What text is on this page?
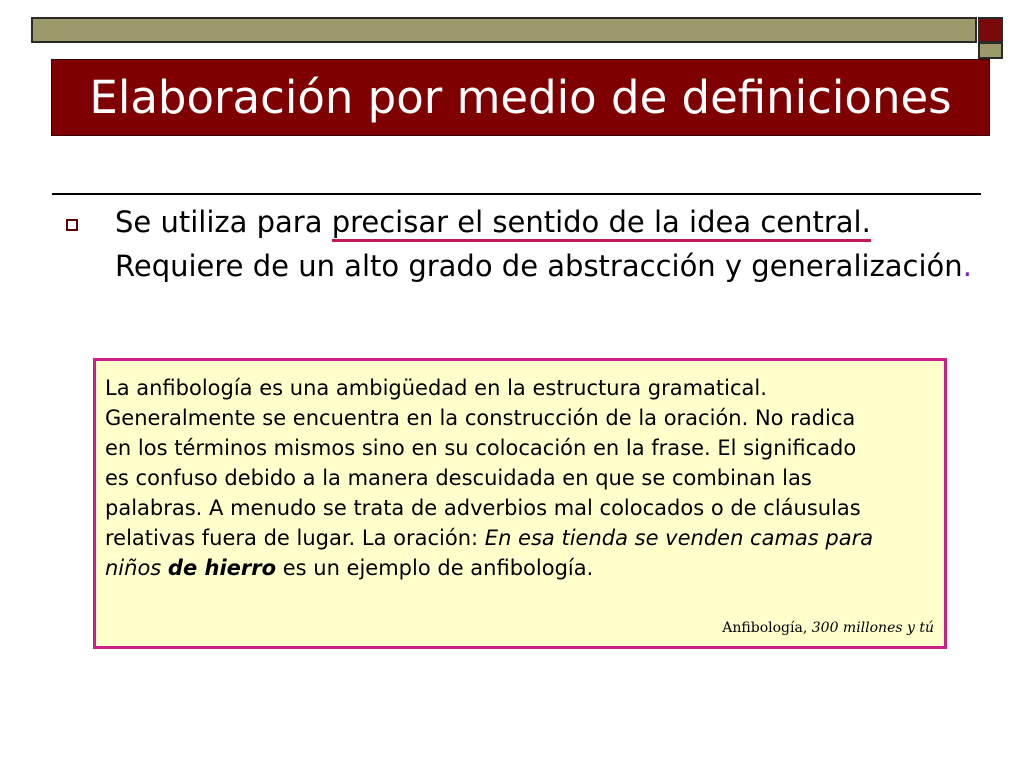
Elaboración por medio de definiciones
Se utiliza para precisar el sentido de la idea central. Requiere de un alto grado de abstracción y generalización.

La anfibología es una ambigüedad en la estructura gramatical.
Generalmente se encuentra en la construcción de la oración. No radica
en los términos mismos sino en su colocación en la frase. El significado
es confuso debido a la manera descuidada en que se combinan las
palabras. A menudo se trata de adverbios mal colocados o de cláusulas
relativas fuera de lugar. La oración: En esa tienda se venden camas para niños de hierro es un ejemplo de anfibología.

Anfibología, 300 millones y tú
